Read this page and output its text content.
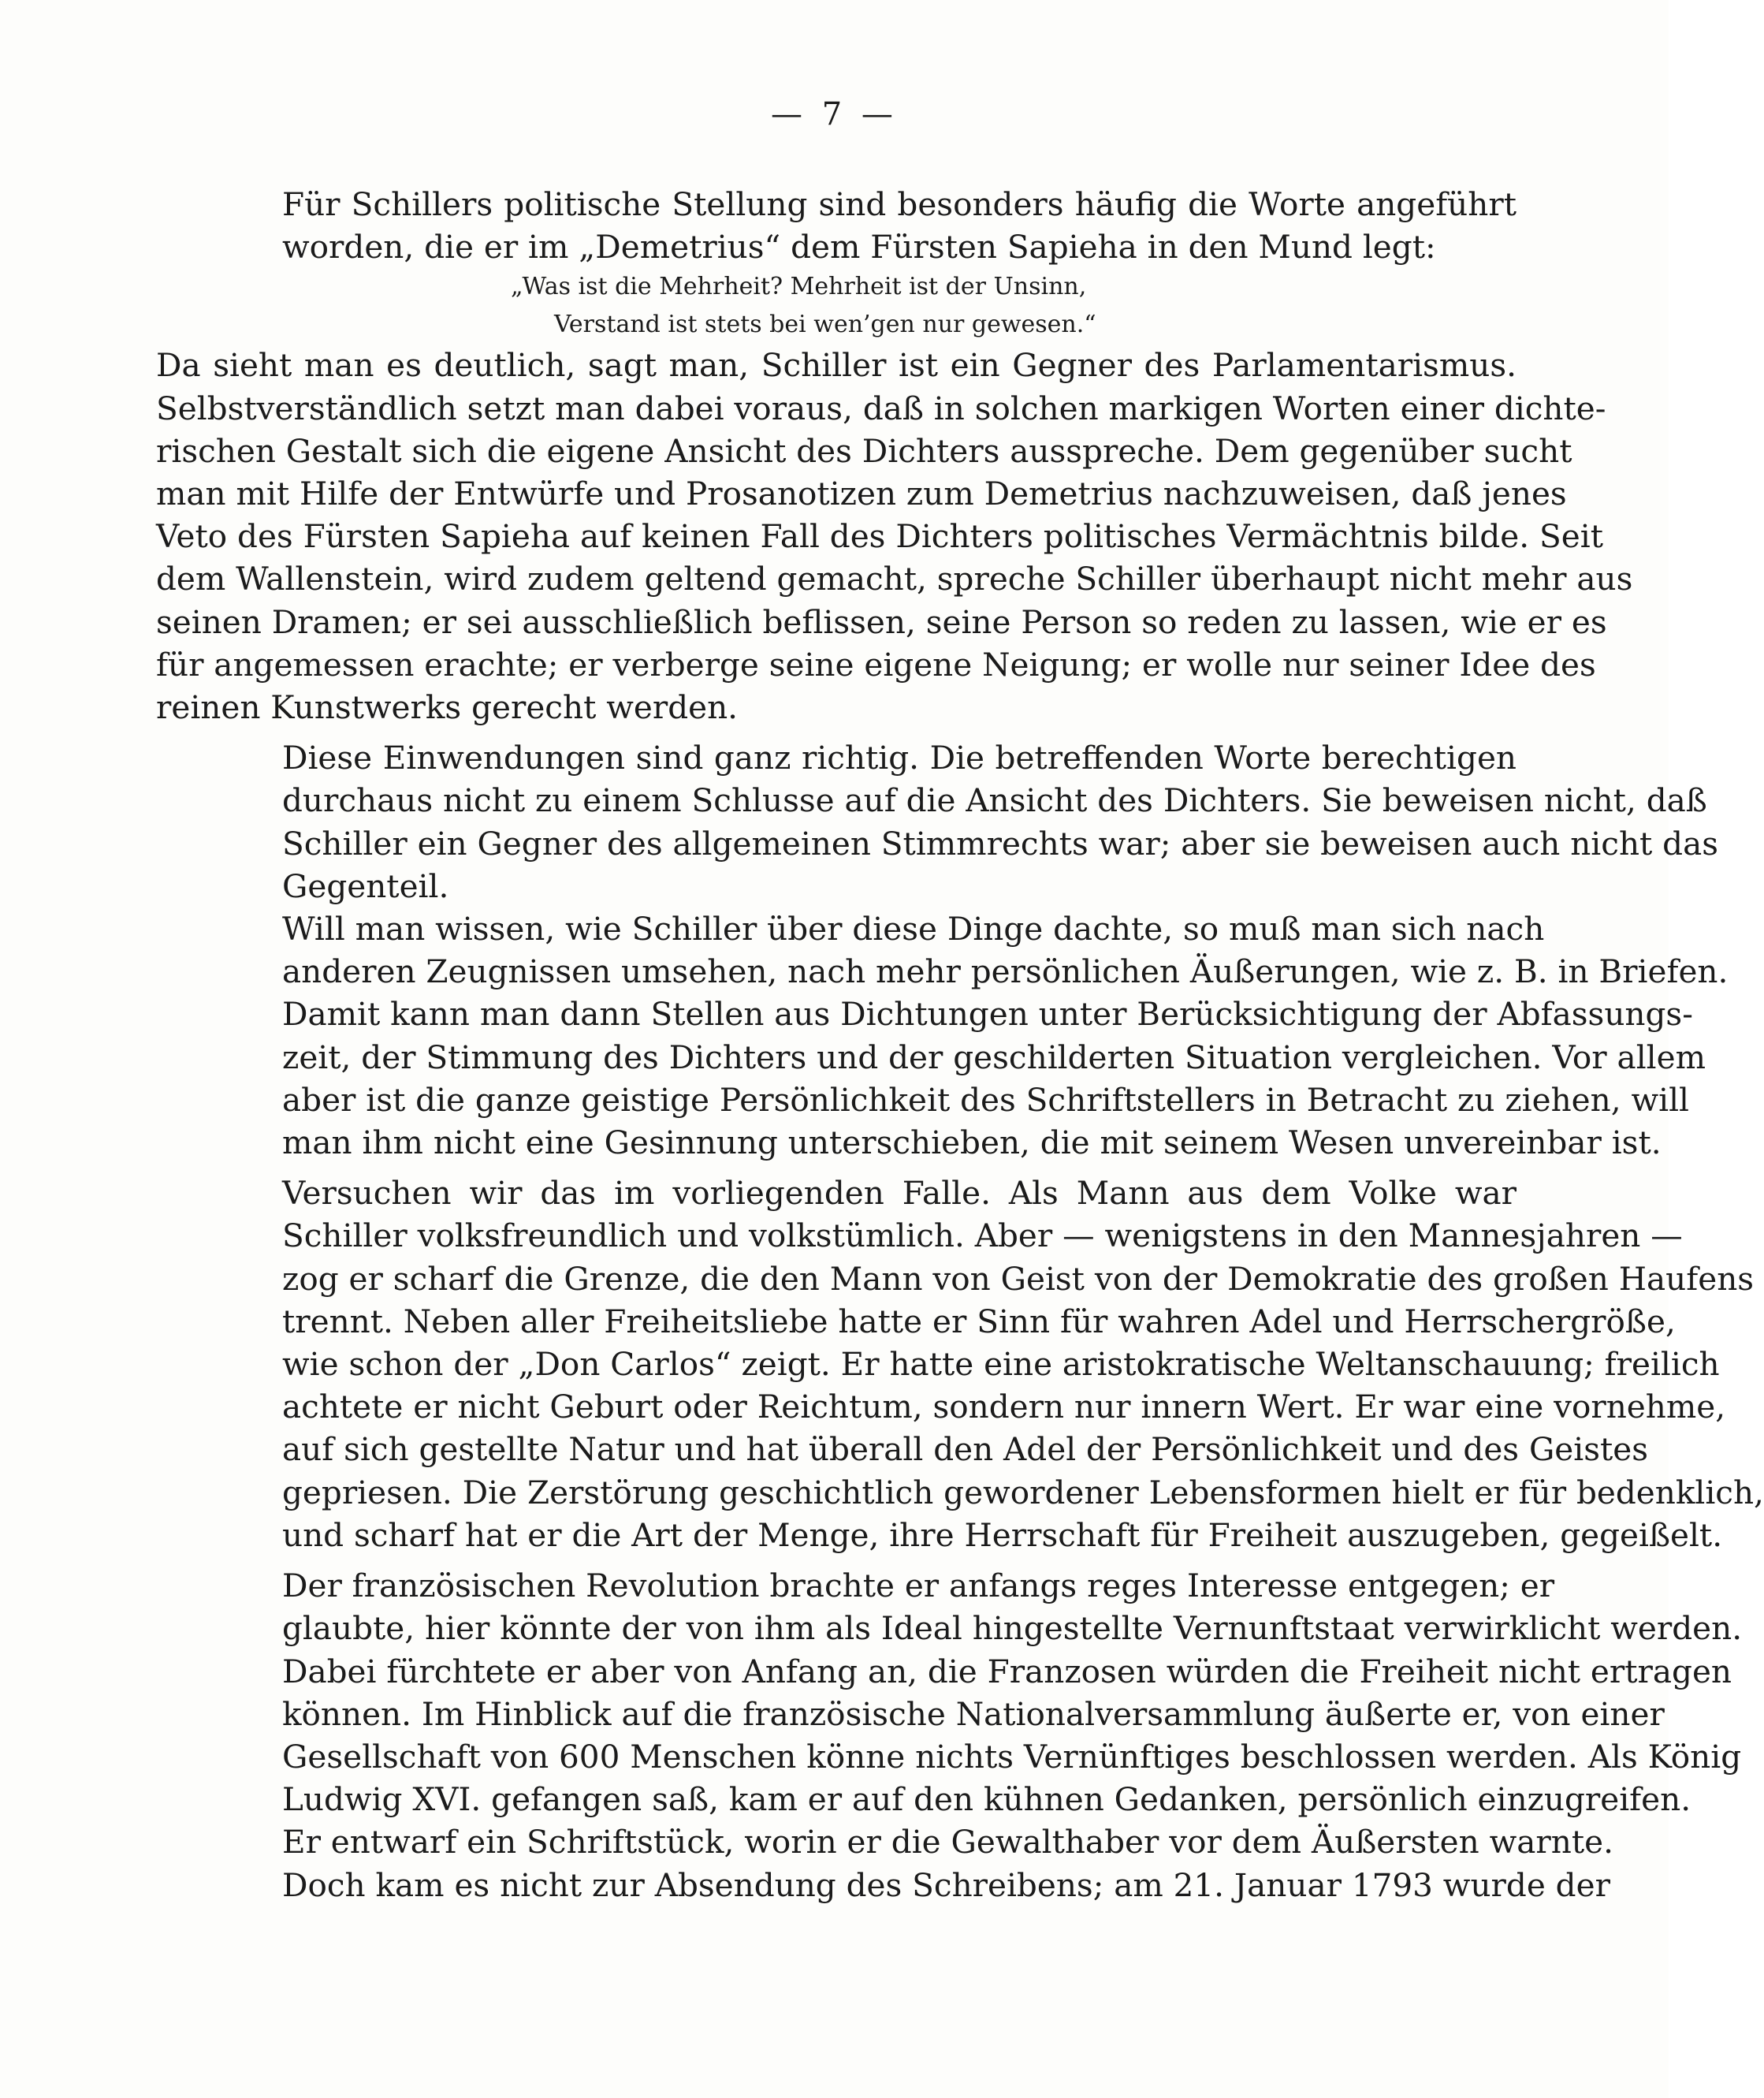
— 7 —

Für Schillers politische Stellung sind besonders häufig die Worte angeführt
worden, die er im „Demetrius“ dem Fürsten Sapieha in den Mund legt:

„Was ist die Mehrheit? Mehrheit ist der Unsinn,
Verstand ist stets bei wen’gen nur gewesen.“

Da sieht man es deutlich, sagt man, Schiller ist ein Gegner des Parlamentarismus.
Selbstverständlich setzt man dabei voraus, daß in solchen markigen Worten einer dichte-
rischen Gestalt sich die eigene Ansicht des Dichters ausspreche. Dem gegenüber sucht
man mit Hilfe der Entwürfe und Prosanotizen zum Demetrius nachzuweisen, daß jenes
Veto des Fürsten Sapieha auf keinen Fall des Dichters politisches Vermächtnis bilde. Seit
dem Wallenstein, wird zudem geltend gemacht, spreche Schiller überhaupt nicht mehr aus
seinen Dramen; er sei ausschließlich beflissen, seine Person so reden zu lassen, wie er es
für angemessen erachte; er verberge seine eigene Neigung; er wolle nur seiner Idee des
reinen Kunstwerks gerecht werden.

Diese Einwendungen sind ganz richtig. Die betreffenden Worte berechtigen
durchaus nicht zu einem Schlusse auf die Ansicht des Dichters. Sie beweisen nicht, daß
Schiller ein Gegner des allgemeinen Stimmrechts war; aber sie beweisen auch nicht das
Gegenteil.

Will man wissen, wie Schiller über diese Dinge dachte, so muß man sich nach
anderen Zeugnissen umsehen, nach mehr persönlichen Äußerungen, wie z. B. in Briefen.
Damit kann man dann Stellen aus Dichtungen unter Berücksichtigung der Abfassungs-
zeit, der Stimmung des Dichters und der geschilderten Situation vergleichen. Vor allem
aber ist die ganze geistige Persönlichkeit des Schriftstellers in Betracht zu ziehen, will
man ihm nicht eine Gesinnung unterschieben, die mit seinem Wesen unvereinbar ist.

Versuchen wir das im vorliegenden Falle. Als Mann aus dem Volke war
Schiller volksfreundlich und volkstümlich. Aber — wenigstens in den Mannesjahren —
zog er scharf die Grenze, die den Mann von Geist von der Demokratie des großen Haufens
trennt. Neben aller Freiheitsliebe hatte er Sinn für wahren Adel und Herrschergröße,
wie schon der „Don Carlos“ zeigt. Er hatte eine aristokratische Weltanschauung; freilich
achtete er nicht Geburt oder Reichtum, sondern nur innern Wert. Er war eine vornehme,
auf sich gestellte Natur und hat überall den Adel der Persönlichkeit und des Geistes
gepriesen. Die Zerstörung geschichtlich gewordener Lebensformen hielt er für bedenklich,
und scharf hat er die Art der Menge, ihre Herrschaft für Freiheit auszugeben, gegeißelt.

Der französischen Revolution brachte er anfangs reges Interesse entgegen; er
glaubte, hier könnte der von ihm als Ideal hingestellte Vernunftstaat verwirklicht werden.
Dabei fürchtete er aber von Anfang an, die Franzosen würden die Freiheit nicht ertragen
können. Im Hinblick auf die französische Nationalversammlung äußerte er, von einer
Gesellschaft von 600 Menschen könne nichts Vernünftiges beschlossen werden. Als König
Ludwig XVI. gefangen saß, kam er auf den kühnen Gedanken, persönlich einzugreifen.
Er entwarf ein Schriftstück, worin er die Gewalthaber vor dem Äußersten warnte.
Doch kam es nicht zur Absendung des Schreibens; am 21. Januar 1793 wurde der
